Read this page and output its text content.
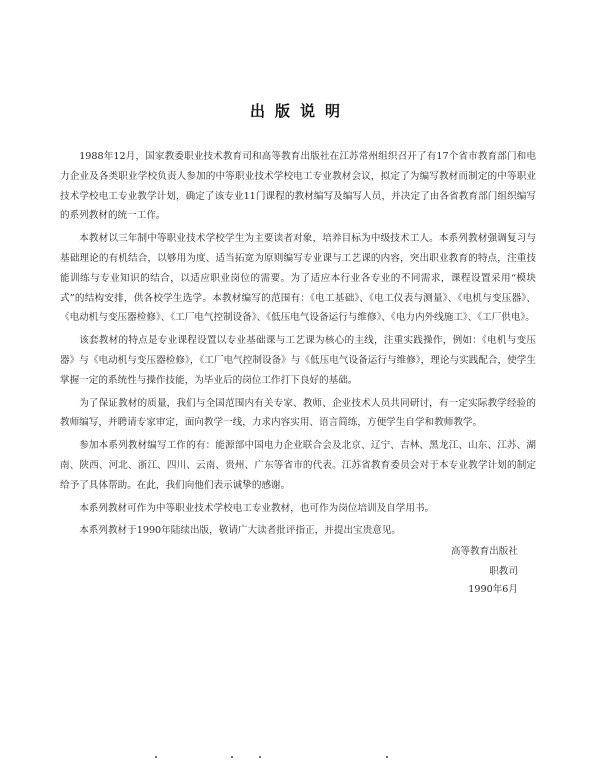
出版说明

1988年12月，国家教委职业技术教育司和高等教育出版社在江苏常州组织召开了有17个省市教育部门和电力企业及各类职业学校负责人参加的中等职业技术学校电工专业教材会议，拟定了为编写教材而制定的中等职业技术学校电工专业教学计划，确定了该专业11门课程的教材编写及编写人员，并决定了由各省教育部门组织编写的系列教材的统一工作。

本教材以三年制中等职业技术学校学生为主要读者对象，培养目标为中级技术工人。本系列教材强调复习与基础理论的有机结合，以够用为度、适当拓宽为原则编写专业课与工艺课的内容，突出职业教育的特点，注重技能训练与专业知识的结合，以适应职业岗位的需要。为了适应本行业各专业的不同需求，课程设置采用“模块式”的结构安排，供各校学生选学。本教材编写的范围有：《电工基础》、《电工仪表与测量》、《电机与变压器》、《电动机与变压器检修》、《工厂电气控制设备》、《低压电气设备运行与维修》、《电力内外线施工》、《工厂供电》。

该套教材的特点是专业课程设置以专业基础课与工艺课为核心的主线，注重实践操作，例如：《电机与变压器》与《电动机与变压器检修》，《工厂电气控制设备》与《低压电气设备运行与维修》，理论与实践配合，使学生掌握一定的系统性与操作技能，为毕业后的岗位工作打下良好的基础。

为了保证教材的质量，我们与全国范围内有关专家、教师、企业技术人员共同研讨，有一定实际教学经验的教师编写，并聘请专家审定，面向教学一线，力求内容实用、语言简练，方便学生自学和教师教学。

参加本系列教材编写工作的有：能源部中国电力企业联合会及北京、辽宁、吉林、黑龙江、山东、江苏、湖南、陕西、河北、浙江、四川、云南、贵州、广东等省市的代表。江苏省教育委员会对于本专业教学计划的制定给予了具体帮助。在此，我们向他们表示诚挚的感谢。

本系列教材可作为中等职业技术学校电工专业教材，也可作为岗位培训及自学用书。

本系列教材于1990年陆续出版，敬请广大读者批评指正，并提出宝贵意见。

高等教育出版社
职教司
1990年6月
